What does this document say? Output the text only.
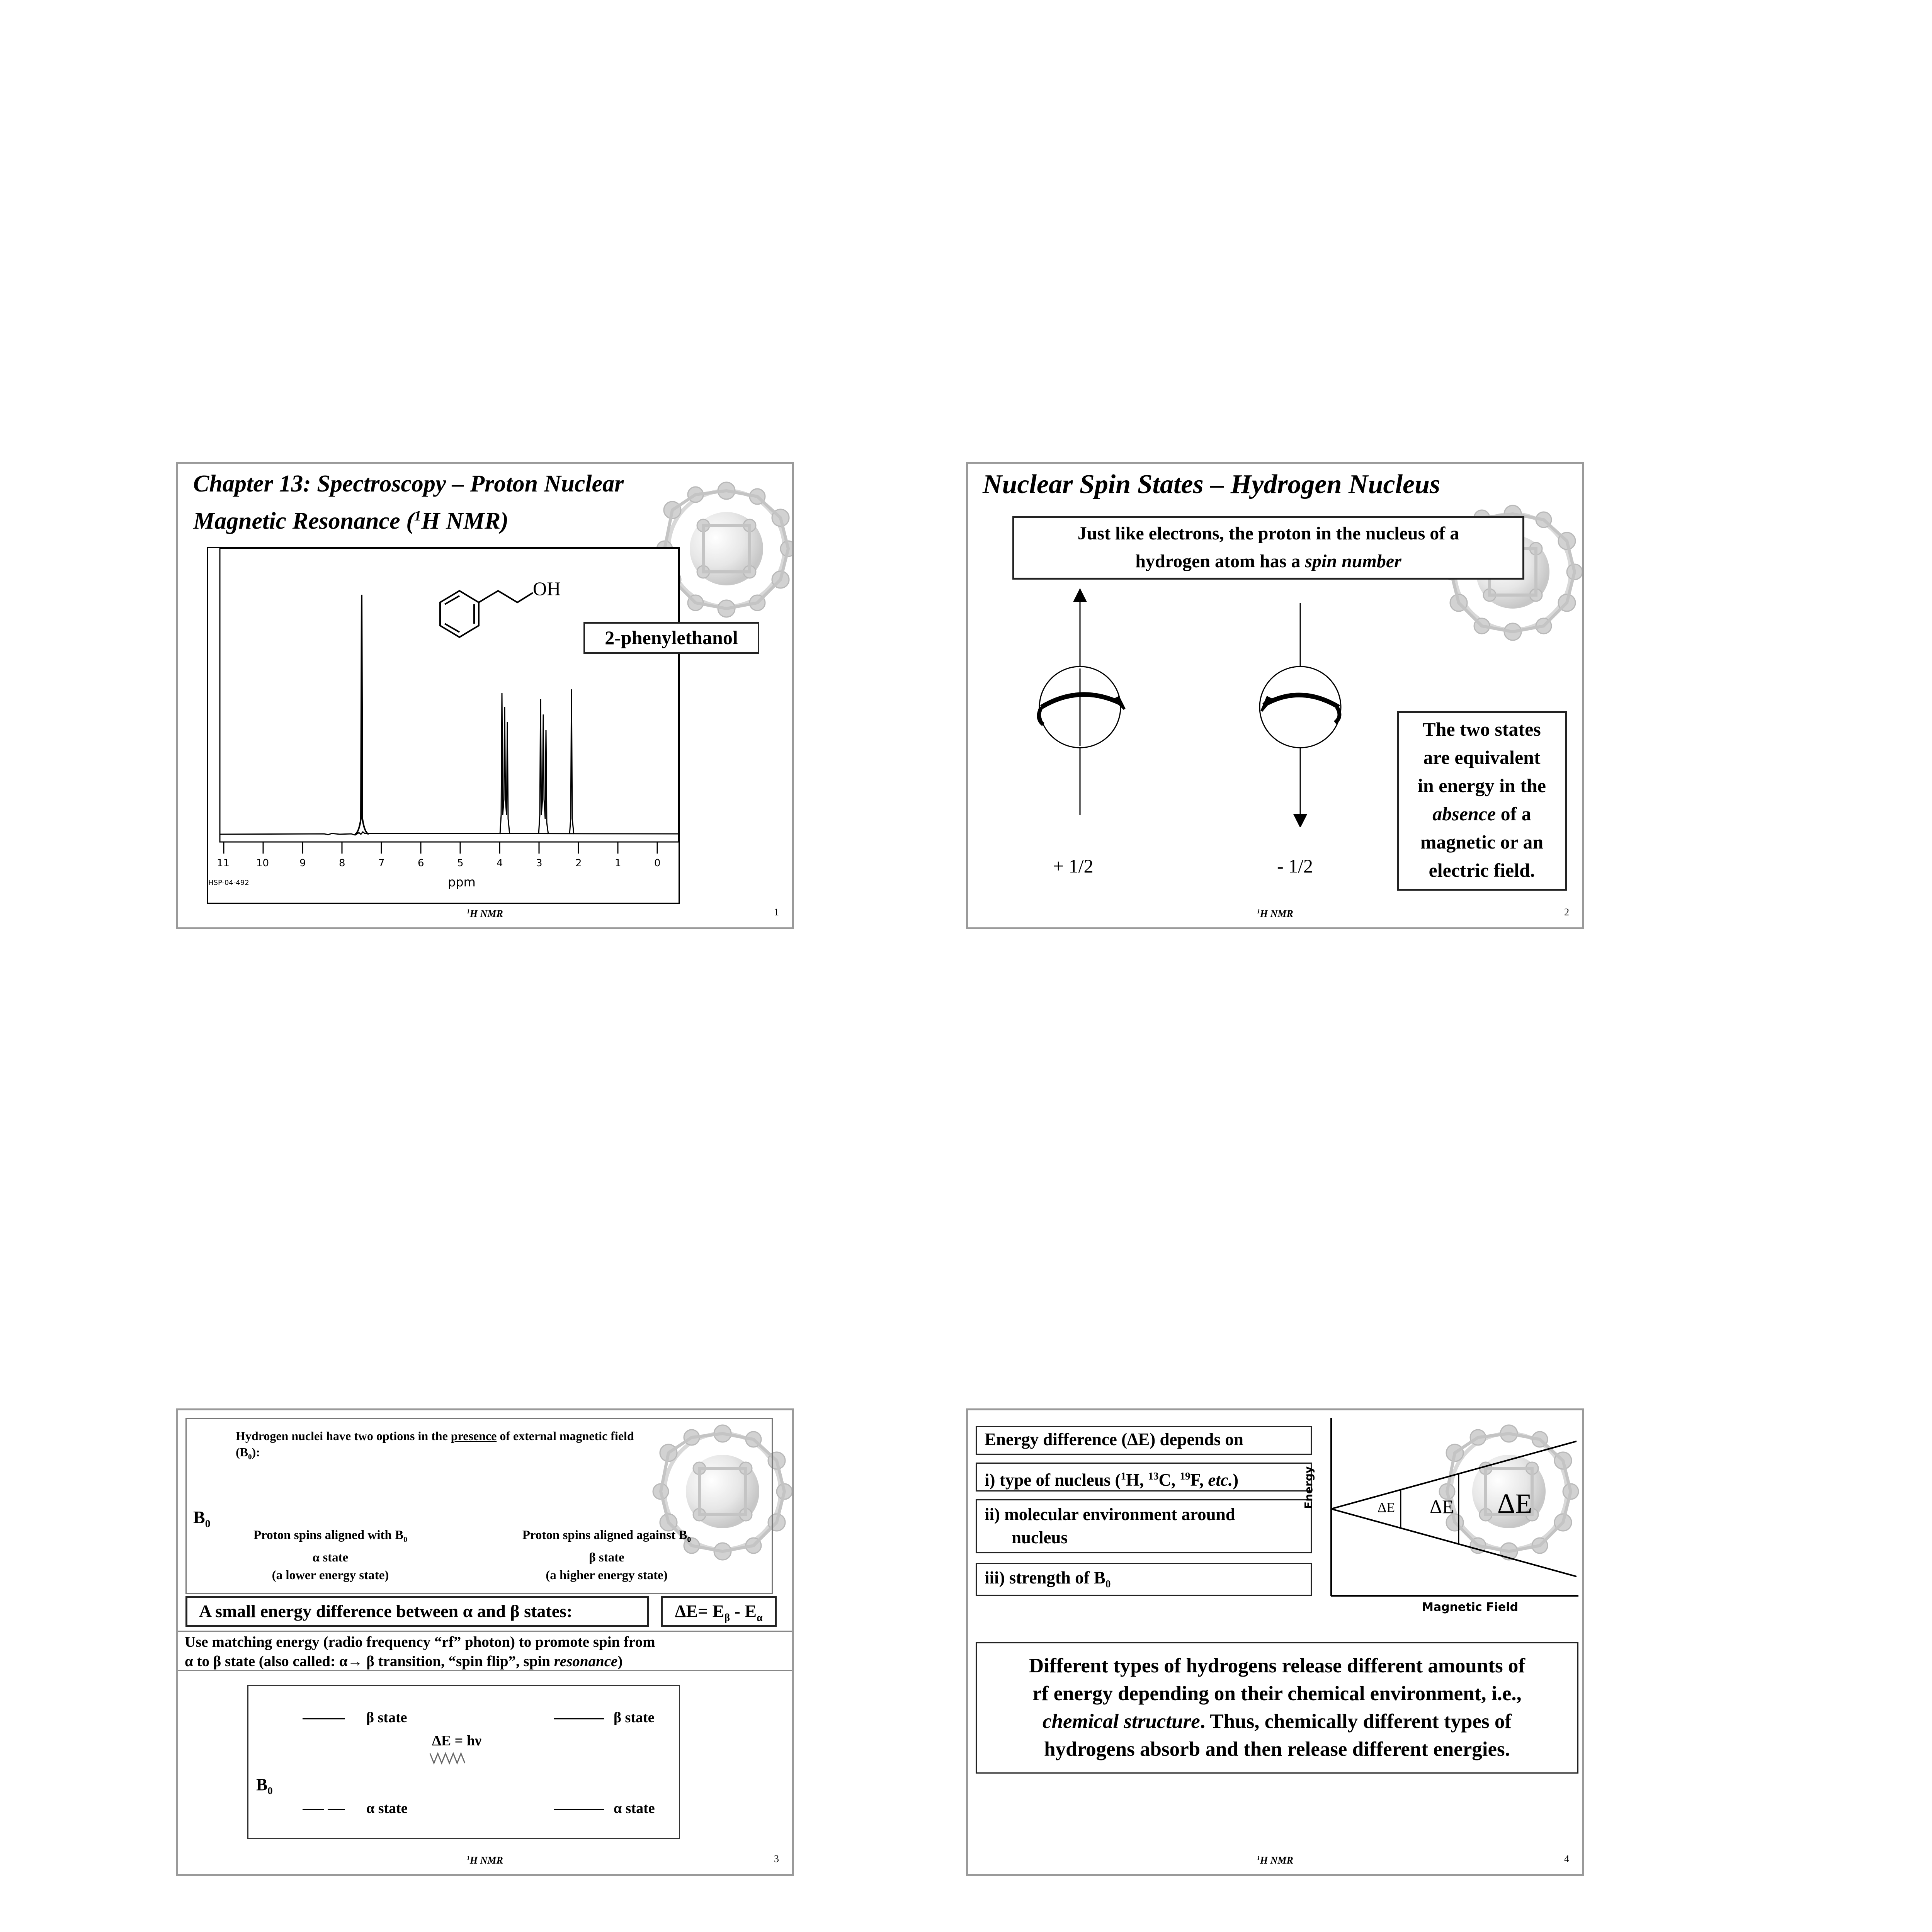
Chapter 13: Spectroscopy – Proton Nuclear
Magnetic Resonance ($^1$H NMR)
11	10	9	8	7	6	5	4	3	2	1	0
HSP-04-492	ppm
OH
2-phenylethanol
$^1$H NMR	1
Nuclear Spin States – Hydrogen Nucleus
Just like electrons, the proton in the nucleus of a
hydrogen atom has a spin number
+ 1/2	- 1/2
The two states
are equivalent
in energy in the
absence of a
magnetic or an
electric field.
$^1$H NMR	2
Hydrogen nuclei have two options in the presence of external magnetic field
$(B_0)$:
$B_0$
Proton spins aligned with $B_0$
α state
(a lower energy state)
Proton spins aligned against $B_0$
β state
(a higher energy state)
A small energy difference between α and β states:	$\Delta E= E_\beta - E_\alpha$
Use matching energy (radio frequency “rf” photon) to promote spin from
α to β state (also called: α→ β transition, “spin flip”, spin resonance)
β state	β state
ΔE = hν
$B_0$
α state	α state
$^1$H NMR	3
Energy difference (ΔE) depends on
i) type of nucleus ($^1$H, $^{13}$C, $^{19}$F, etc.)
ii) molecular environment around
nucleus
iii) strength of $B_0$
Energy
Magnetic Field
ΔE ΔE ΔE
Different types of hydrogens release different amounts of
rf energy depending on their chemical environment, i.e.,
chemical structure. Thus, chemically different types of
hydrogens absorb and then release different energies.
$^1$H NMR	4
